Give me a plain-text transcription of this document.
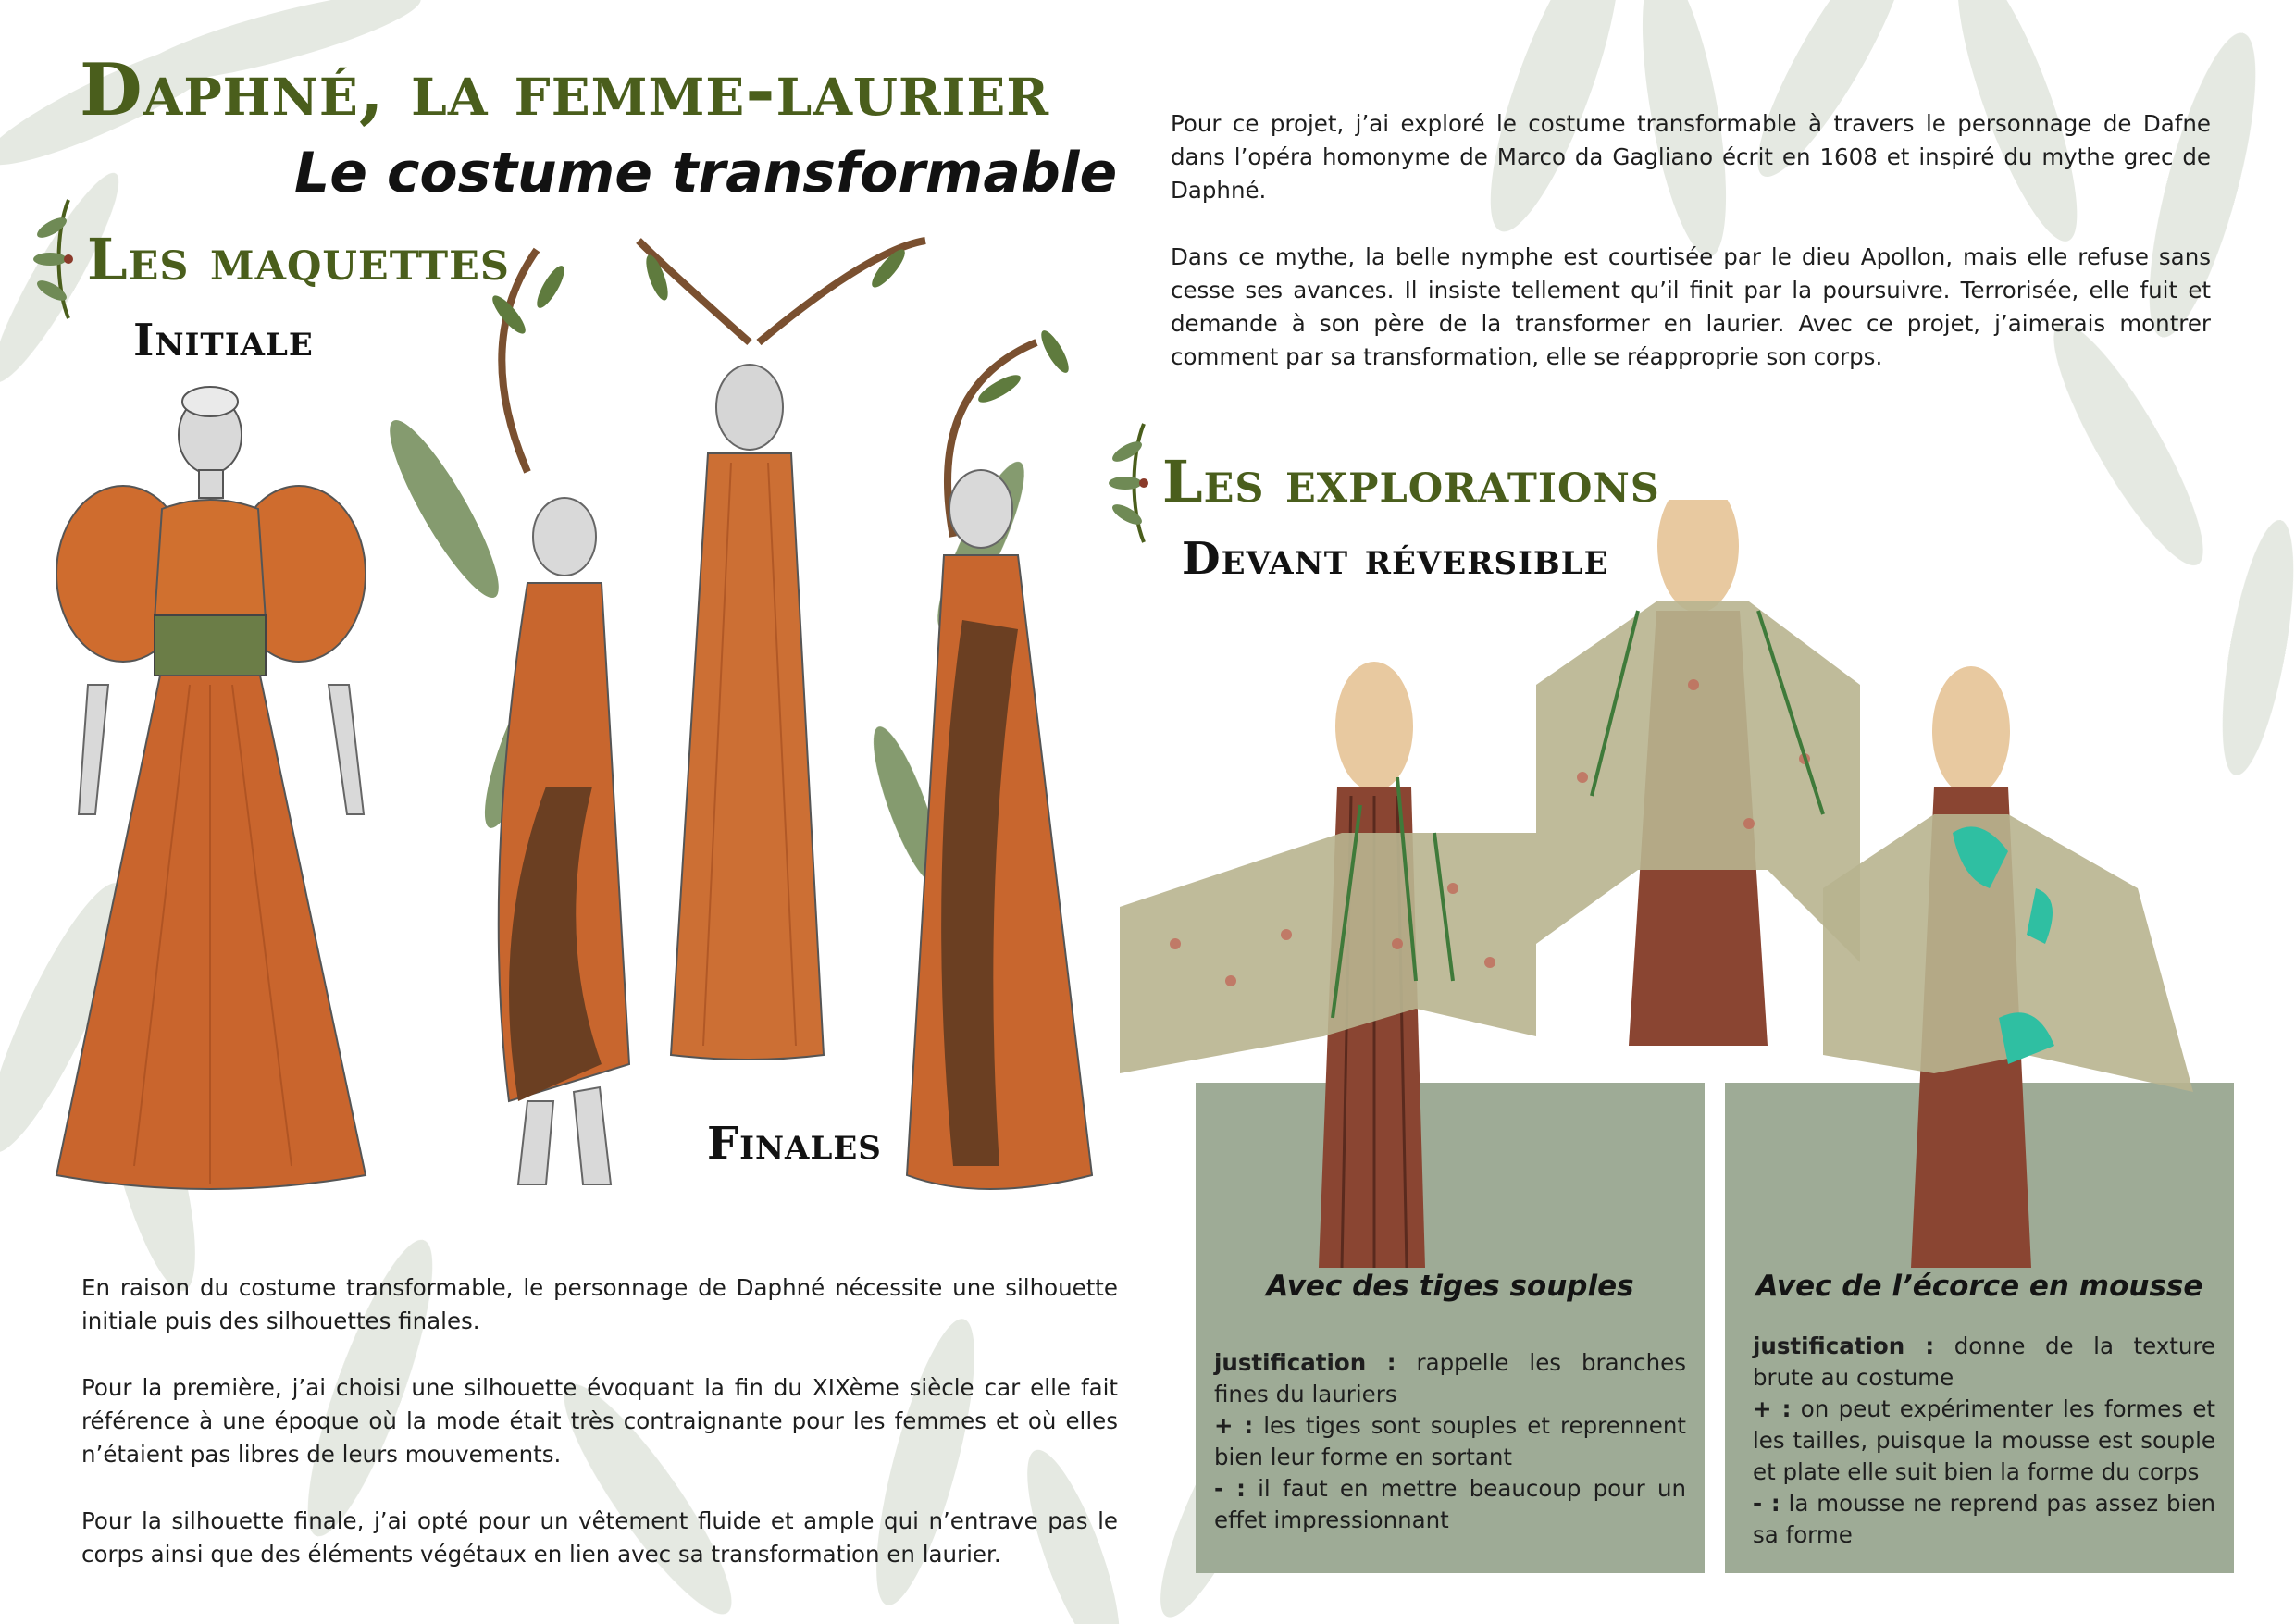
Daphné, la femme-laurier
Le costume transformable
Les maquettes
Initiale
Finales

En raison du costume transformable, le personnage de Daphné nécessite une silhouette initiale puis des silhouettes finales.

Pour la première, j’ai choisi une silhouette évoquant la fin du XIXème siècle car elle fait référence à une époque où la mode était très contraignante pour les femmes et où elles n’étaient pas libres de leurs mouvements.

Pour la silhouette finale, j’ai opté pour un vêtement fluide et ample qui n’entrave pas le corps ainsi que des éléments végétaux en lien avec sa transformation en laurier.

Pour ce projet, j’ai exploré le costume transformable à travers le personnage de Dafne dans l’opéra homonyme de Marco da Gagliano écrit en 1608 et inspiré du mythe grec de Daphné.

Dans ce mythe, la belle nymphe est courtisée par le dieu Apollon, mais elle refuse sans cesse ses avances. Il insiste tellement qu’il finit par la poursuivre. Terrorisée, elle fuit et demande à son père de la transformer en laurier. Avec ce projet, j’aimerais montrer comment par sa transformation, elle se réapproprie son corps.

Les explorations
Devant réversible
Avec des tiges souples

justification : rappelle les branches fines du lauriers

+ : les tiges sont souples et reprennent bien leur forme en sortant

- : il faut en mettre beaucoup pour un effet impressionnant

Avec de l’écorce en mousse

justification : donne de la texture brute au costume

+ : on peut expérimenter les formes et les tailles, puisque la mousse est souple et plate elle suit bien la forme du corps

- : la mousse ne reprend pas assez bien sa forme
